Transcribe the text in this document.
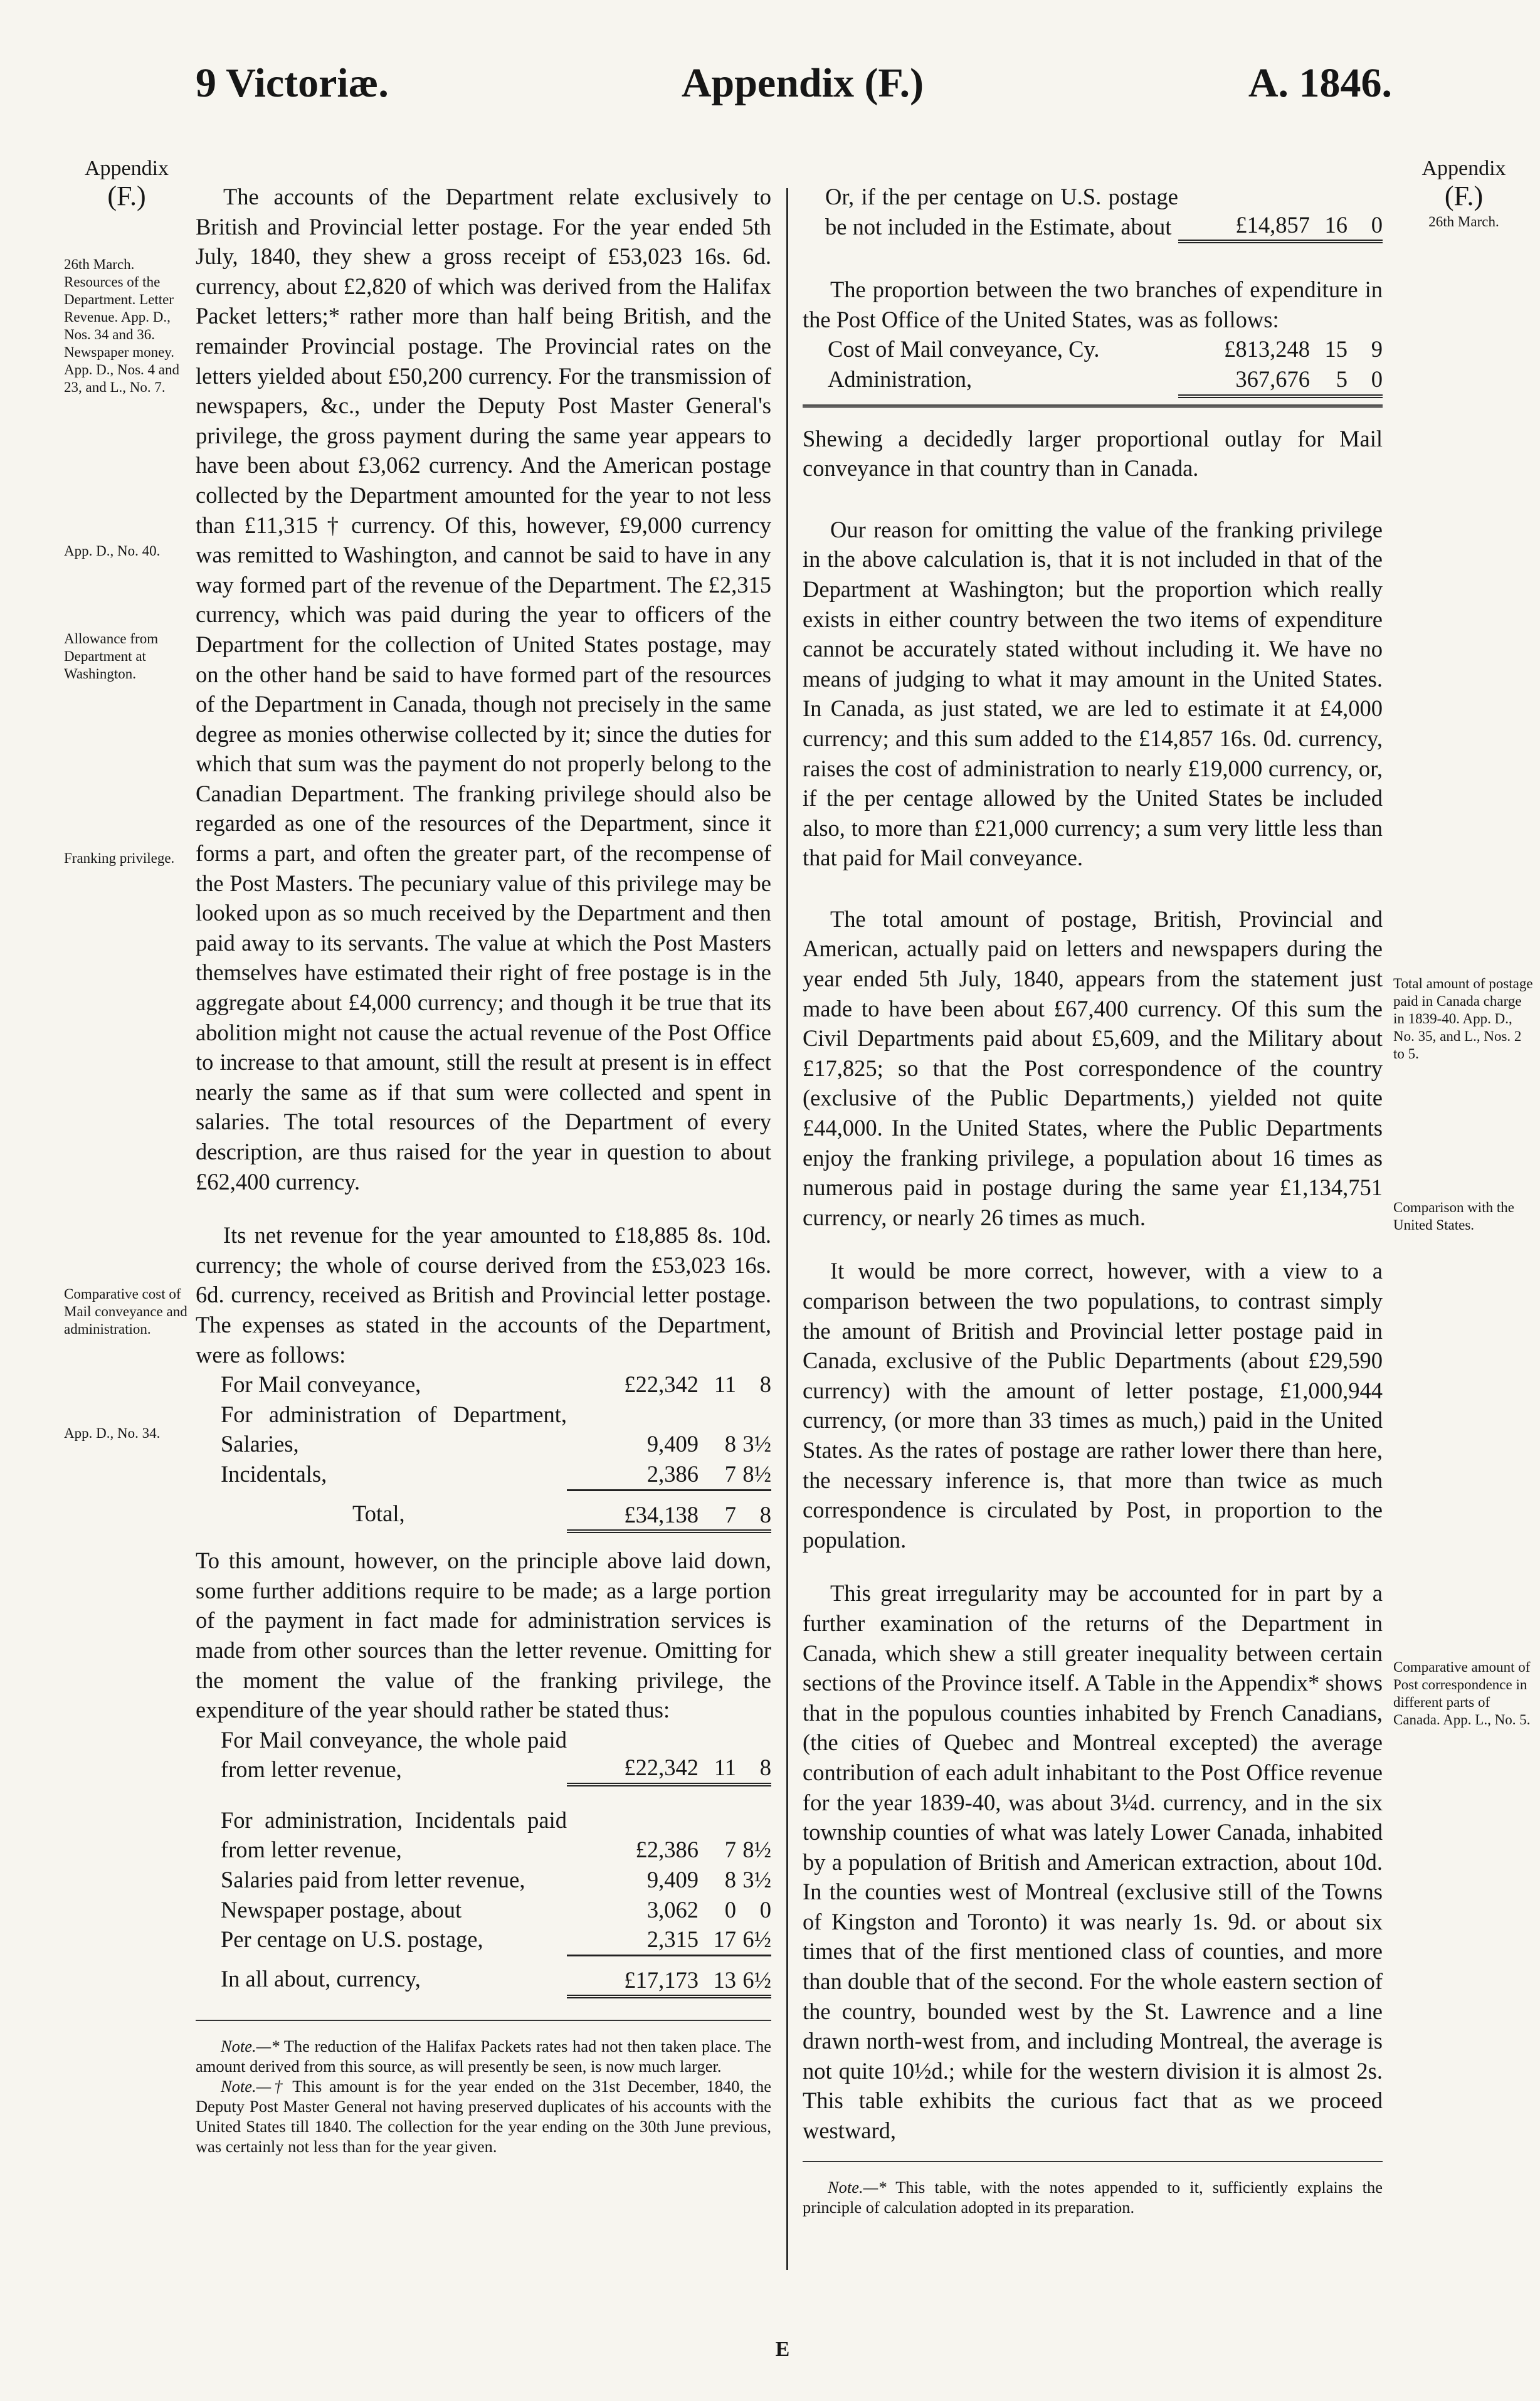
9 Victoriæ.	Appendix (F.)	A. 1846.
Appendix
(F.)
26th March. Resources of the Department. Letter Revenue. App. D., Nos. 34 and 36. Newspaper money. App. D., Nos. 4 and 23, and L., No. 7.
App. D., No. 40.
Allowance from Department at Washington.
Franking privilege.
Comparative cost of Mail conveyance and administration.
App. D., No. 34.
Appendix
(F.)
26th March.
Total amount of postage paid in Canada charge in 1839-40. App. D., No. 35, and L., Nos. 2 to 5.
Comparison with the United States.
Comparative amount of Post correspondence in different parts of Canada. App. L., No. 5.

The accounts of the Department relate exclusively to British and Provincial letter postage. For the year ended 5th July, 1840, they shew a gross receipt of £53,023 16s. 6d. currency, about £2,820 of which was derived from the Halifax Packet letters;* rather more than half being British, and the remainder Provincial postage. The Provincial rates on the letters yielded about £50,200 currency. For the transmission of newspapers, &c., under the Deputy Post Master General's privilege, the gross payment during the same year appears to have been about £3,062 currency. And the American postage collected by the Department amounted for the year to not less than £11,315 † currency. Of this, however, £9,000 currency was remitted to Washington, and cannot be said to have in any way formed part of the revenue of the Department. The £2,315 currency, which was paid during the year to officers of the Department for the collection of United States postage, may on the other hand be said to have formed part of the resources of the Department in Canada, though not precisely in the same degree as monies otherwise collected by it; since the duties for which that sum was the payment do not properly belong to the Canadian Department. The franking privilege should also be regarded as one of the resources of the Department, since it forms a part, and often the greater part, of the recompense of the Post Masters. The pecuniary value of this privilege may be looked upon as so much received by the Department and then paid away to its servants. The value at which the Post Masters themselves have estimated their right of free postage is in the aggregate about £4,000 currency; and though it be true that its abolition might not cause the actual revenue of the Post Office to increase to that amount, still the result at present is in effect nearly the same as if that sum were collected and spent in salaries. The total resources of the Department of every description, are thus raised for the year in question to about £62,400 currency.

Its net revenue for the year amounted to £18,885 8s. 10d. currency; the whole of course derived from the £53,023 16s. 6d. currency, received as British and Provincial letter postage. The expenses as stated in the accounts of the Department, were as follows:

For Mail conveyance,	£22,342	11	8
For administration of Department, Salaries,	9,409	8	3½
Incidentals,	2,386	7	8½
Total,	£34,138	7	8

To this amount, however, on the principle above laid down, some further additions require to be made; as a large portion of the payment in fact made for administration services is made from other sources than the letter revenue. Omitting for the moment the value of the franking privilege, the expenditure of the year should rather be stated thus:

For Mail conveyance, the whole paid from letter revenue,	£22,342	11	8
For administration, Incidentals paid from letter revenue,	£2,386	7	8½
Salaries paid from letter revenue,	9,409	8	3½
Newspaper postage, about	3,062	0	0
Per centage on U.S. postage,	2,315	17	6½
In all about, currency,	£17,173	13	6½

Note.—* The reduction of the Halifax Packets rates had not then taken place. The amount derived from this source, as will presently be seen, is now much larger.

Note.—† This amount is for the year ended on the 31st December, 1840, the Deputy Post Master General not having preserved duplicates of his accounts with the United States till 1840. The collection for the year ending on the 30th June previous, was certainly not less than for the year given.

Or, if the per centage on U.S. postage be not included in the Estimate, about	£14,857	16	0

The proportion between the two branches of expenditure in the Post Office of the United States, was as follows:

Cost of Mail conveyance, Cy.	£813,248	15	9
Administration,	367,676	5	0

Shewing a decidedly larger proportional outlay for Mail conveyance in that country than in Canada.

Our reason for omitting the value of the franking privilege in the above calculation is, that it is not included in that of the Department at Washington; but the proportion which really exists in either country between the two items of expenditure cannot be accurately stated without including it. We have no means of judging to what it may amount in the United States. In Canada, as just stated, we are led to estimate it at £4,000 currency; and this sum added to the £14,857 16s. 0d. currency, raises the cost of administration to nearly £19,000 currency, or, if the per centage allowed by the United States be included also, to more than £21,000 currency; a sum very little less than that paid for Mail conveyance.

The total amount of postage, British, Provincial and American, actually paid on letters and newspapers during the year ended 5th July, 1840, appears from the statement just made to have been about £67,400 currency. Of this sum the Civil Departments paid about £5,609, and the Military about £17,825; so that the Post correspondence of the country (exclusive of the Public Departments,) yielded not quite £44,000. In the United States, where the Public Departments enjoy the franking privilege, a population about 16 times as numerous paid in postage during the same year £1,134,751 currency, or nearly 26 times as much.

It would be more correct, however, with a view to a comparison between the two populations, to contrast simply the amount of British and Provincial letter postage paid in Canada, exclusive of the Public Departments (about £29,590 currency) with the amount of letter postage, £1,000,944 currency, (or more than 33 times as much,) paid in the United States. As the rates of postage are rather lower there than here, the necessary inference is, that more than twice as much correspondence is circulated by Post, in proportion to the population.

This great irregularity may be accounted for in part by a further examination of the returns of the Department in Canada, which shew a still greater inequality between certain sections of the Province itself. A Table in the Appendix* shows that in the populous counties inhabited by French Canadians, (the cities of Quebec and Montreal excepted) the average contribution of each adult inhabitant to the Post Office revenue for the year 1839-40, was about 3¼d. currency, and in the six township counties of what was lately Lower Canada, inhabited by a population of British and American extraction, about 10d. In the counties west of Montreal (exclusive still of the Towns of Kingston and Toronto) it was nearly 1s. 9d. or about six times that of the first mentioned class of counties, and more than double that of the second. For the whole eastern section of the country, bounded west by the St. Lawrence and a line drawn north-west from, and including Montreal, the average is not quite 10½d.; while for the western division it is almost 2s. This table exhibits the curious fact that as we proceed westward,

Note.—* This table, with the notes appended to it, sufficiently explains the principle of calculation adopted in its preparation.

E
